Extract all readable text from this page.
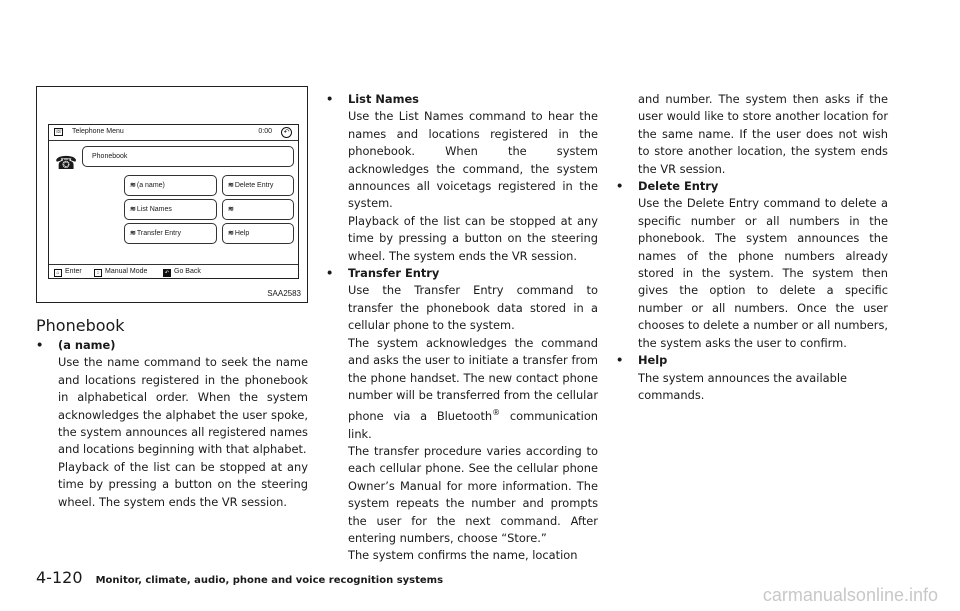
☏ Telephone Menu	0:00	↶
☎	Phonebook
≋ (a name)	≋ Delete Entry
≋ List Names	≋
≋ Transfer Entry	≋ Help
⌂ Enter	↕ Manual Mode	↶ Go Back
SAA2583
Phonebook
• (a name)

Use the name command to seek the name and locations registered in the phonebook in alphabetical order. When the system acknowledges the alphabet the user spoke, the system announces all registered names and locations beginning with that alphabet.

Playback of the list can be stopped at any time by pressing a button on the steering wheel. The system ends the VR session.

• List Names

Use the List Names command to hear the names and locations registered in the phonebook. When the system acknowledges the command, the system announces all voicetags registered in the system.

Playback of the list can be stopped at any time by pressing a button on the steering wheel. The system ends the VR session.

• Transfer Entry

Use the Transfer Entry command to transfer the phonebook data stored in a cellular phone to the system.

The system acknowledges the command and asks the user to initiate a transfer from the phone handset. The new contact phone number will be transferred from the cellular phone via a Bluetooth® communication link.

The transfer procedure varies according to each cellular phone. See the cellular phone Owner’s Manual for more information. The system repeats the number and prompts the user for the next command. After entering numbers, choose “Store.”

The system confirms the name, location

and number. The system then asks if the user would like to store another location for the same name. If the user does not wish to store another location, the system ends the VR session.

• Delete Entry

Use the Delete Entry command to delete a specific number or all numbers in the phonebook. The system announces the names of the phone numbers already stored in the system. The system then gives the option to delete a specific number or all numbers. Once the user chooses to delete a number or all numbers, the system asks the user to confirm.

• Help

The system announces the available commands.

4-120 Monitor, climate, audio, phone and voice recognition systems
carmanualsonline.info
